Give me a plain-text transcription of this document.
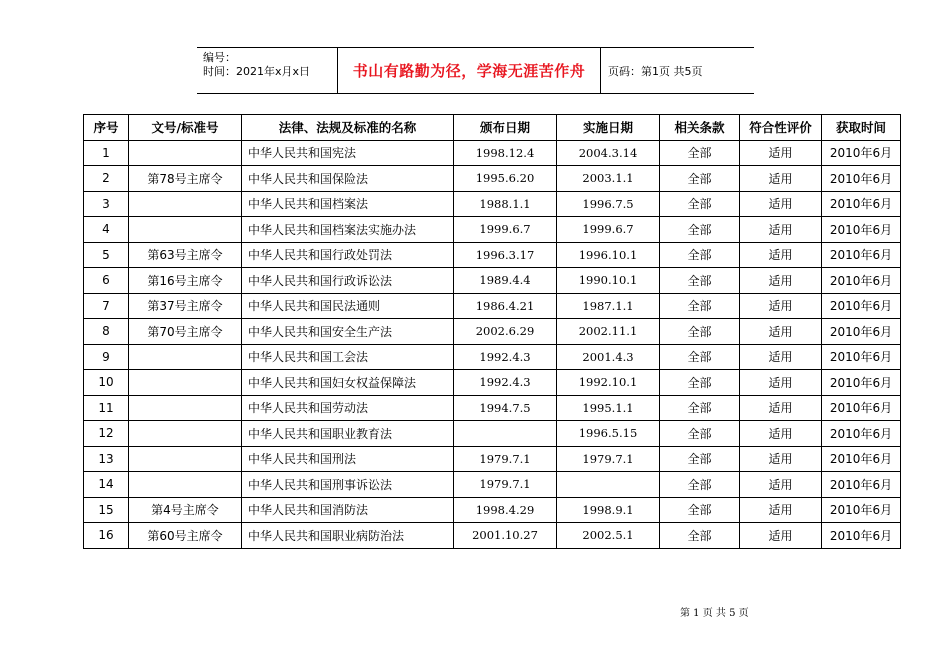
编号：
时间：2021年x月x日	书山有路勤为径，学海无涯苦作舟	页码：第1页 共5页
序号	文号/标准号	法律、法规及标准的名称	颁布日期	实施日期	相关条款	符合性评价	获取时间
1		中华人民共和国宪法	1998.12.4	2004.3.14	全部	适用	2010年6月
2	第78号主席令	中华人民共和国保险法	1995.6.20	2003.1.1	全部	适用	2010年6月
3		中华人民共和国档案法	1988.1.1	1996.7.5	全部	适用	2010年6月
4		中华人民共和国档案法实施办法	1999.6.7	1999.6.7	全部	适用	2010年6月
5	第63号主席令	中华人民共和国行政处罚法	1996.3.17	1996.10.1	全部	适用	2010年6月
6	第16号主席令	中华人民共和国行政诉讼法	1989.4.4	1990.10.1	全部	适用	2010年6月
7	第37号主席令	中华人民共和国民法通则	1986.4.21	1987.1.1	全部	适用	2010年6月
8	第70号主席令	中华人民共和国安全生产法	2002.6.29	2002.11.1	全部	适用	2010年6月
9		中华人民共和国工会法	1992.4.3	2001.4.3	全部	适用	2010年6月
10		中华人民共和国妇女权益保障法	1992.4.3	1992.10.1	全部	适用	2010年6月
11		中华人民共和国劳动法	1994.7.5	1995.1.1	全部	适用	2010年6月
12		中华人民共和国职业教育法		1996.5.15	全部	适用	2010年6月
13		中华人民共和国刑法	1979.7.1	1979.7.1	全部	适用	2010年6月
14		中华人民共和国刑事诉讼法	1979.7.1		全部	适用	2010年6月
15	第4号主席令	中华人民共和国消防法	1998.4.29	1998.9.1	全部	适用	2010年6月
16	第60号主席令	中华人民共和国职业病防治法	2001.10.27	2002.5.1	全部	适用	2010年6月
第 1 页 共 5 页
